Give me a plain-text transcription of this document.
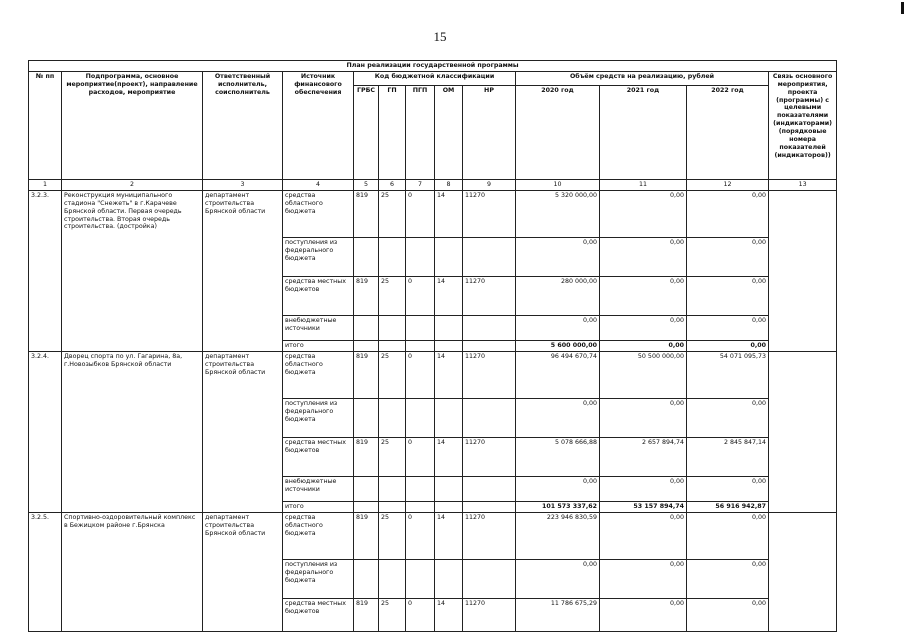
15
План реализации государственной программы												
№ пп	Подпрограмма, основное мероприятие(проект), направление расходов, мероприятие	Ответственный исполнитель, соисполнитель	Источник финансового обеспечения	Код бюджетной классификации					Объём средств на реализацию, рублей			Связь основного мероприятия, проекта (программы) с целевыми показателями (индикаторами) (порядковые номера показателей (индикаторов))
				ГРБС	ГП	ПГП	ОМ	НР	2020 год	2021 год	2022 год	
1	2	3	4	5	6	7	8	9	10	11	12	13
3.2.3.	Реконструкция муниципального стадиона "Снежеть" в г.Карачеве Брянской области. Первая очередь строительства. Вторая очередь строительства. (достройка)	департамент строительства Брянской области	средства областного бюджета	819	25	0	14	11270	5 320 000,00	0,00	0,00	
			поступления из федерального бюджета						0,00	0,00	0,00	
			средства местных бюджетов	819	25	0	14	11270	280 000,00	0,00	0,00	
			внебюджетные источники						0,00	0,00	0,00	
			итого						5 600 000,00	0,00	0,00	
3.2.4.	Дворец спорта по ул. Гагарина, 8а, г.Новозыбков Брянской области	департамент строительства Брянской области	средства областного бюджета	819	25	0	14	11270	96 494 670,74	50 500 000,00	54 071 095,73	
			поступления из федерального бюджета						0,00	0,00	0,00	
			средства местных бюджетов	819	25	0	14	11270	5 078 666,88	2 657 894,74	2 845 847,14	
			внебюджетные источники						0,00	0,00	0,00	
			итого						101 573 337,62	53 157 894,74	56 916 942,87	
3.2.5.	Спортивно-оздоровительный комплекс в Бежицком районе г.Брянска	департамент строительства Брянской области	средства областного бюджета	819	25	0	14	11270	223 946 830,59	0,00	0,00	
			поступления из федерального бюджета						0,00	0,00	0,00	
			средства местных бюджетов	819	25	0	14	11270	11 786 675,29	0,00	0,00	
